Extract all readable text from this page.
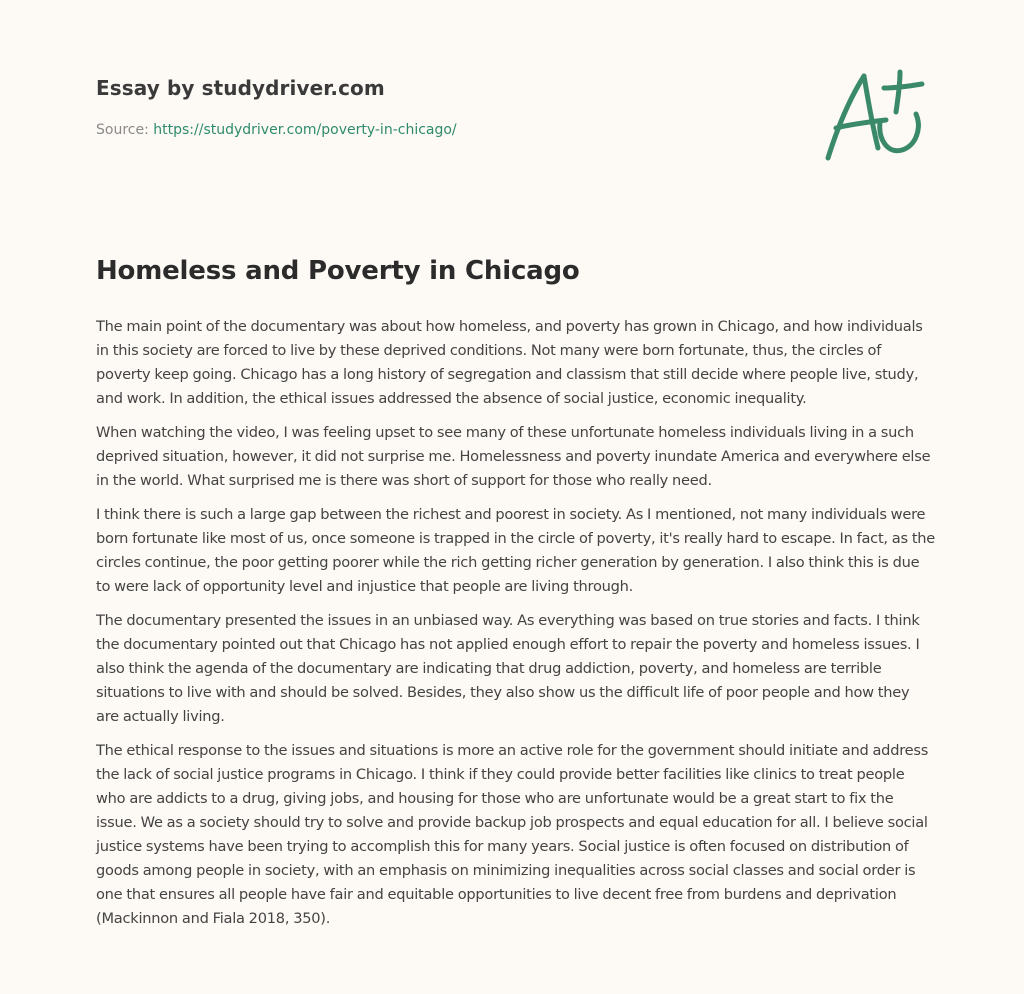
Essay by studydriver.com
Source: https://studydriver.com/poverty-in-chicago/
Homeless and Poverty in Chicago

The main point of the documentary was about how homeless, and poverty has grown in Chicago, and how individuals in this society are forced to live by these deprived conditions. Not many were born fortunate, thus, the circles of poverty keep going. Chicago has a long history of segregation and classism that still decide where people live, study, and work. In addition, the ethical issues addressed the absence of social justice, economic inequality.

When watching the video, I was feeling upset to see many of these unfortunate homeless individuals living in a such deprived situation, however, it did not surprise me. Homelessness and poverty inundate America and everywhere else in the world. What surprised me is there was short of support for those who really need.

I think there is such a large gap between the richest and poorest in society. As I mentioned, not many individuals were born fortunate like most of us, once someone is trapped in the circle of poverty, it's really hard to escape. In fact, as the circles continue, the poor getting poorer while the rich getting richer generation by generation. I also think this is due to were lack of opportunity level and injustice that people are living through.

The documentary presented the issues in an unbiased way. As everything was based on true stories and facts. I think the documentary pointed out that Chicago has not applied enough effort to repair the poverty and homeless issues. I also think the agenda of the documentary are indicating that drug addiction, poverty, and homeless are terrible situations to live with and should be solved. Besides, they also show us the difficult life of poor people and how they are actually living.

The ethical response to the issues and situations is more an active role for the government should initiate and address the lack of social justice programs in Chicago. I think if they could provide better facilities like clinics to treat people who are addicts to a drug, giving jobs, and housing for those who are unfortunate would be a great start to fix the issue. We as a society should try to solve and provide backup job prospects and equal education for all. I believe social justice systems have been trying to accomplish this for many years. Social justice is often focused on distribution of goods among people in society, with an emphasis on minimizing inequalities across social classes and social order is one that ensures all people have fair and equitable opportunities to live decent free from burdens and deprivation (Mackinnon and Fiala 2018, 350).
